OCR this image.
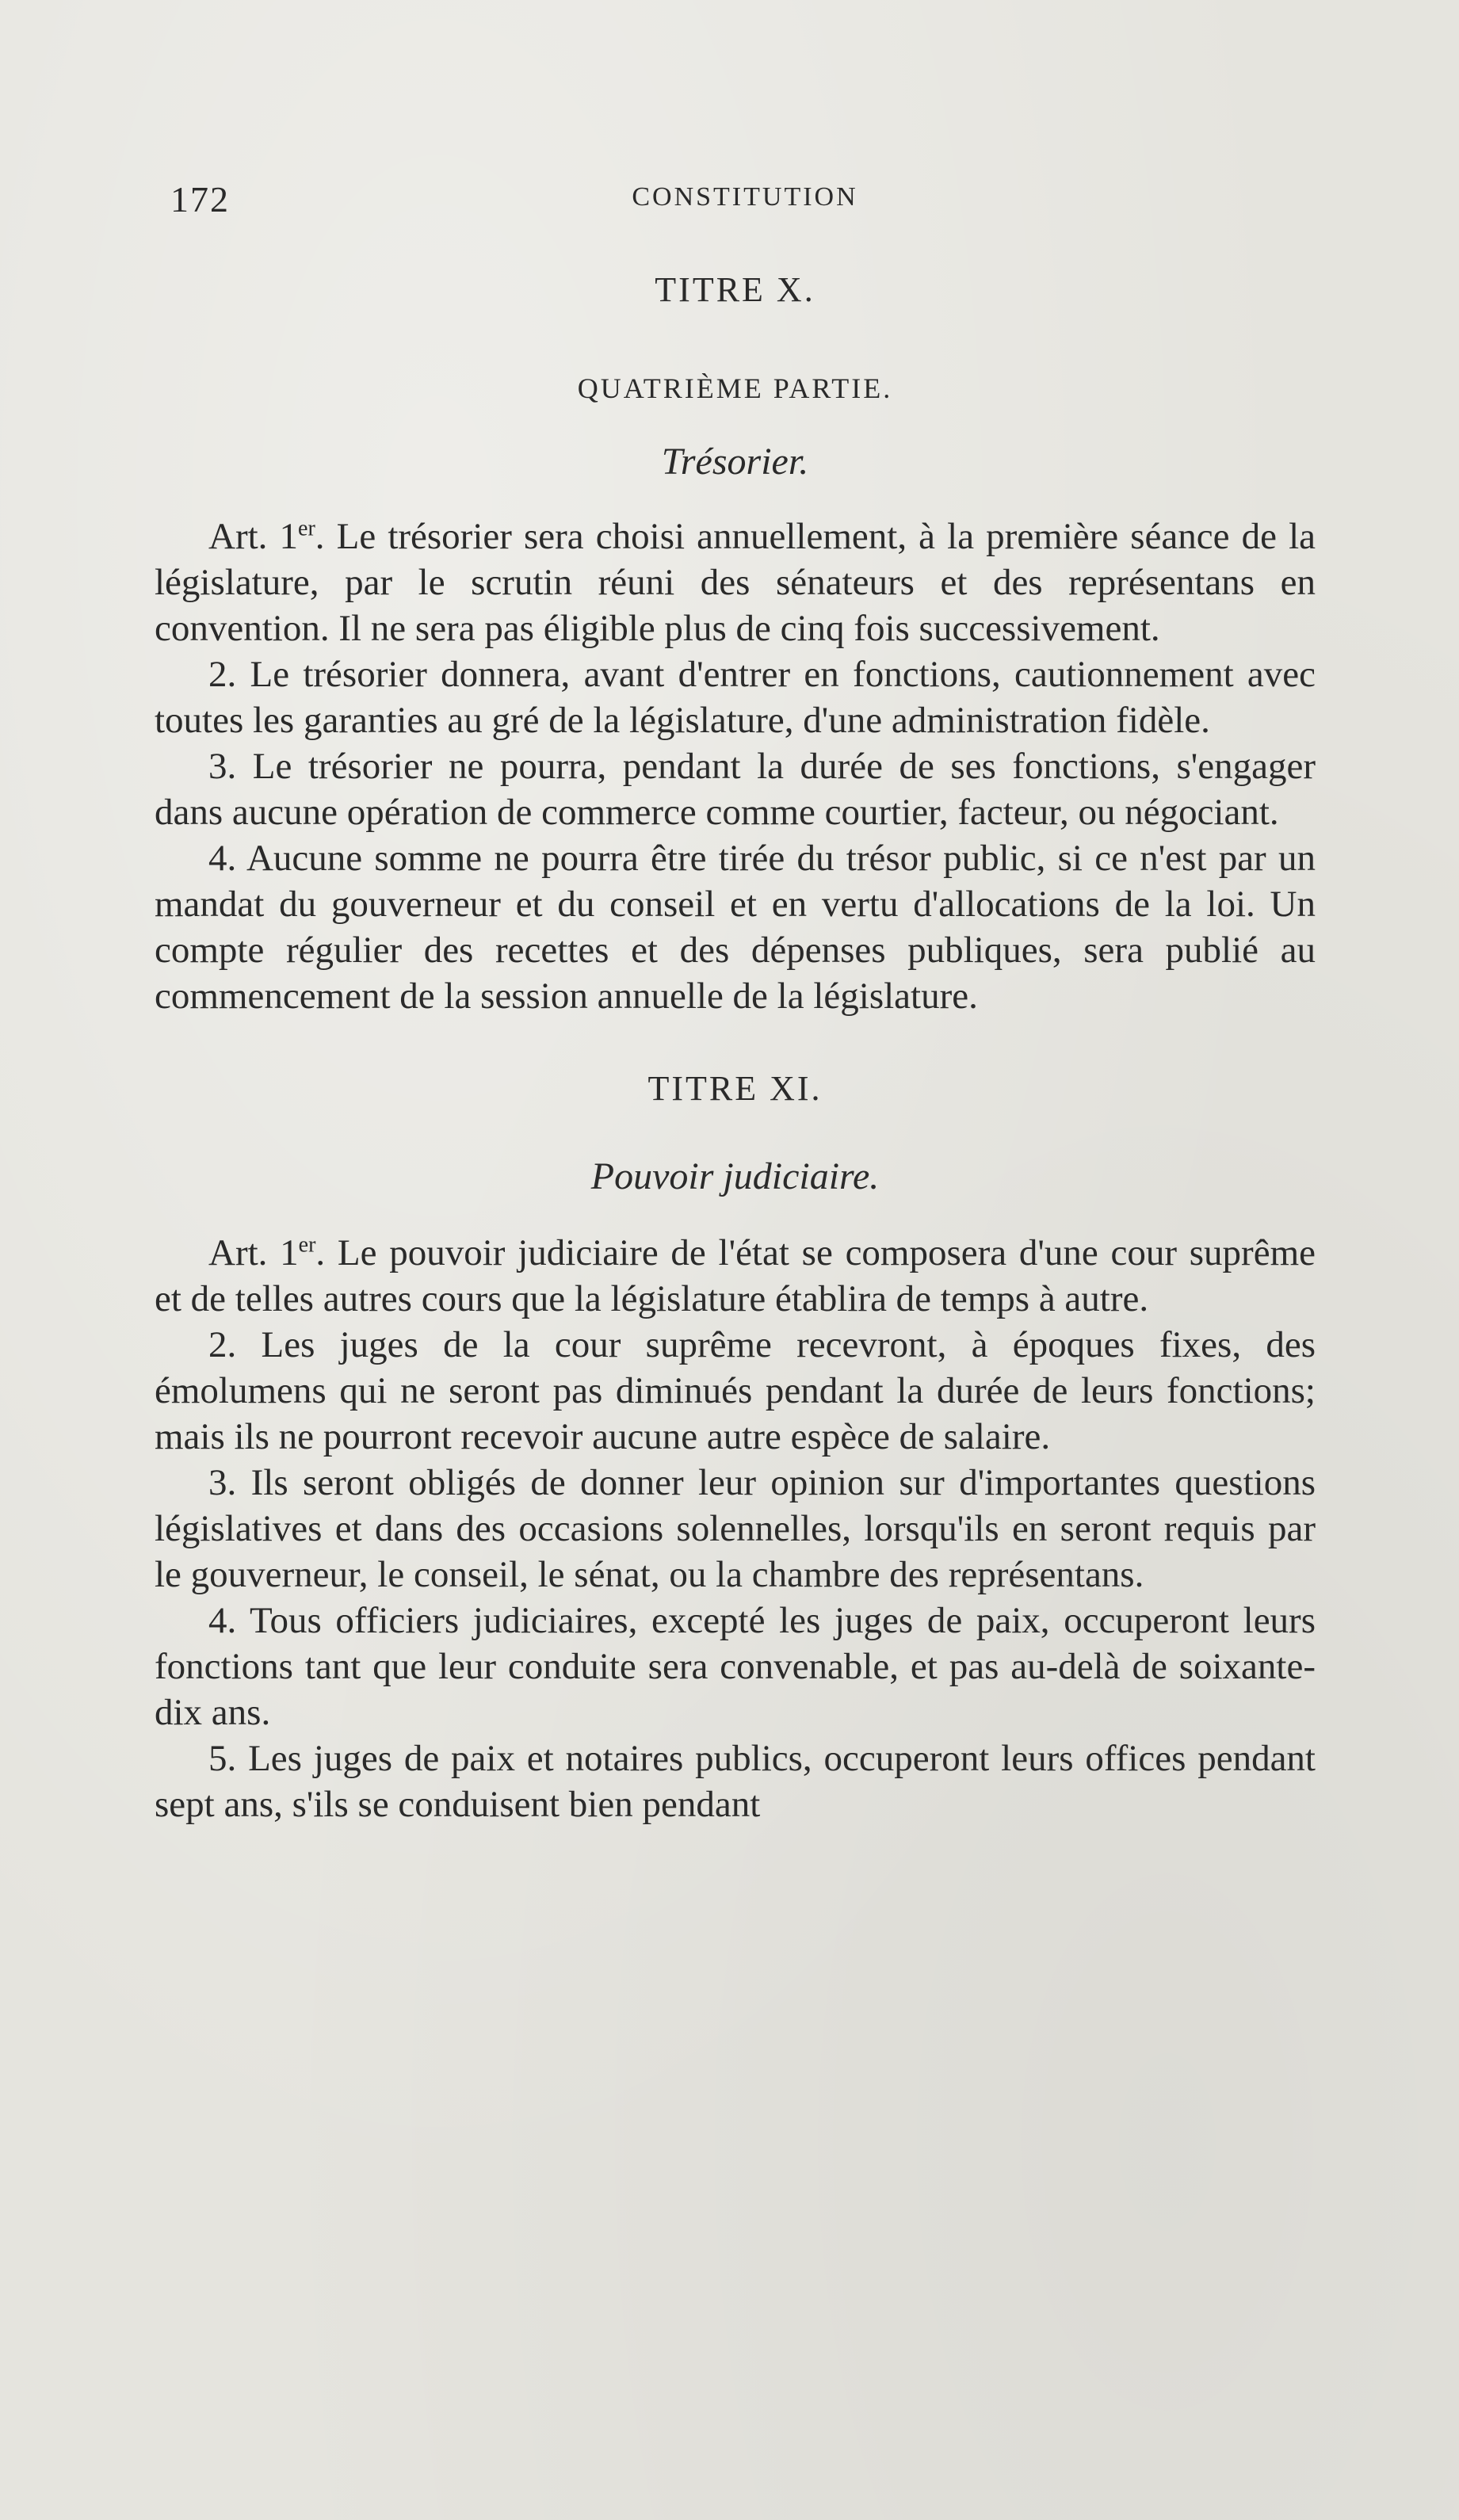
172	CONSTITUTION
TITRE X.
QUATRIÈME PARTIE.
Trésorier.

Art. 1er. Le trésorier sera choisi annuellement, à la première séance de la législature, par le scrutin réuni des sénateurs et des représentans en convention. Il ne sera pas éligible plus de cinq fois successivement.

2. Le trésorier donnera, avant d'entrer en fonctions, cautionnement avec toutes les garanties au gré de la législature, d'une administration fidèle.

3. Le trésorier ne pourra, pendant la durée de ses fonctions, s'engager dans aucune opération de commerce comme courtier, facteur, ou négociant.

4. Aucune somme ne pourra être tirée du trésor public, si ce n'est par un mandat du gouverneur et du conseil et en vertu d'allocations de la loi. Un compte régulier des recettes et des dépenses publiques, sera publié au commencement de la session annuelle de la législature.

TITRE XI.
Pouvoir judiciaire.

Art. 1er. Le pouvoir judiciaire de l'état se composera d'une cour suprême et de telles autres cours que la législature établira de temps à autre.

2. Les juges de la cour suprême recevront, à époques fixes, des émolumens qui ne seront pas diminués pendant la durée de leurs fonctions; mais ils ne pourront recevoir aucune autre espèce de salaire.

3. Ils seront obligés de donner leur opinion sur d'importantes questions législatives et dans des occasions solennelles, lorsqu'ils en seront requis par le gouverneur, le conseil, le sénat, ou la chambre des représentans.

4. Tous officiers judiciaires, excepté les juges de paix, occuperont leurs fonctions tant que leur conduite sera convenable, et pas au-delà de soixante-dix ans.

5. Les juges de paix et notaires publics, occuperont leurs offices pendant sept ans, s'ils se conduisent bien pendant
